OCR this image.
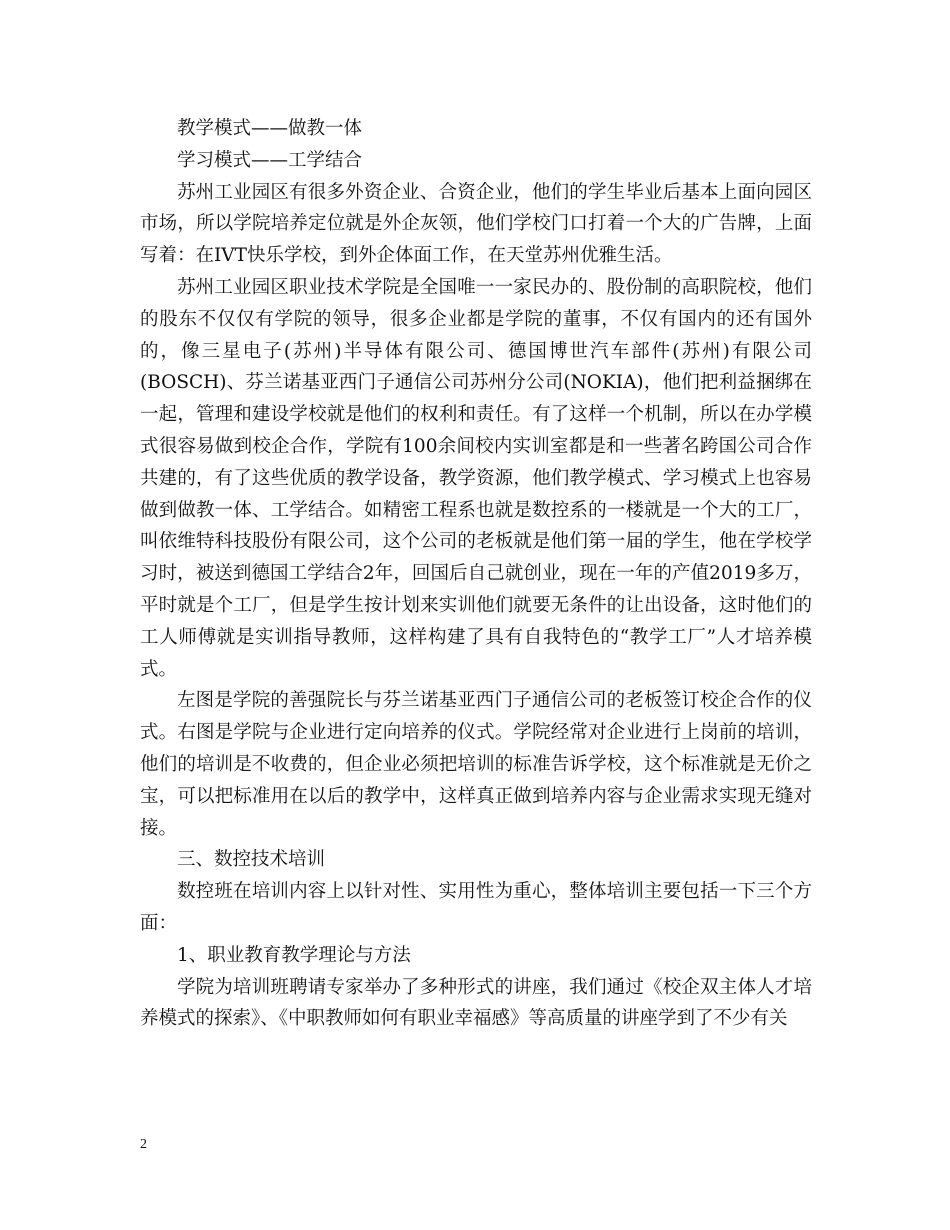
教学模式——做教一体

学习模式——工学结合

苏州工业园区有很多外资企业、合资企业，他们的学生毕业后基本上面向园区市场，所以学院培养定位就是外企灰领，他们学校门口打着一个大的广告牌，上面写着：在IVT快乐学校，到外企体面工作，在天堂苏州优雅生活。

苏州工业园区职业技术学院是全国唯一一家民办的、股份制的高职院校，他们的股东不仅仅有学院的领导，很多企业都是学院的董事，不仅有国内的还有国外的，像三星电子(苏州)半导体有限公司、德国博世汽车部件(苏州)有限公司(BOSCH)、芬兰诺基亚西门子通信公司苏州分公司(NOKIA)，他们把利益捆绑在一起，管理和建设学校就是他们的权利和责任。有了这样一个机制，所以在办学模式很容易做到校企合作，学院有100余间校内实训室都是和一些著名跨国公司合作共建的，有了这些优质的教学设备，教学资源，他们教学模式、学习模式上也容易做到做教一体、工学结合。如精密工程系也就是数控系的一楼就是一个大的工厂，叫依维特科技股份有限公司，这个公司的老板就是他们第一届的学生，他在学校学习时，被送到德国工学结合2年，回国后自己就创业，现在一年的产值2019多万，平时就是个工厂，但是学生按计划来实训他们就要无条件的让出设备，这时他们的工人师傅就是实训指导教师，这样构建了具有自我特色的“教学工厂”人才培养模式。

左图是学院的善强院长与芬兰诺基亚西门子通信公司的老板签订校企合作的仪式。右图是学院与企业进行定向培养的仪式。学院经常对企业进行上岗前的培训，他们的培训是不收费的，但企业必须把培训的标准告诉学校，这个标准就是无价之宝，可以把标准用在以后的教学中，这样真正做到培养内容与企业需求实现无缝对接。

三、数控技术培训

数控班在培训内容上以针对性、实用性为重心，整体培训主要包括一下三个方面：

1、职业教育教学理论与方法

学院为培训班聘请专家举办了多种形式的讲座，我们通过《校企双主体人才培养模式的探索》、《中职教师如何有职业幸福感》等高质量的讲座学到了不少有关

2
